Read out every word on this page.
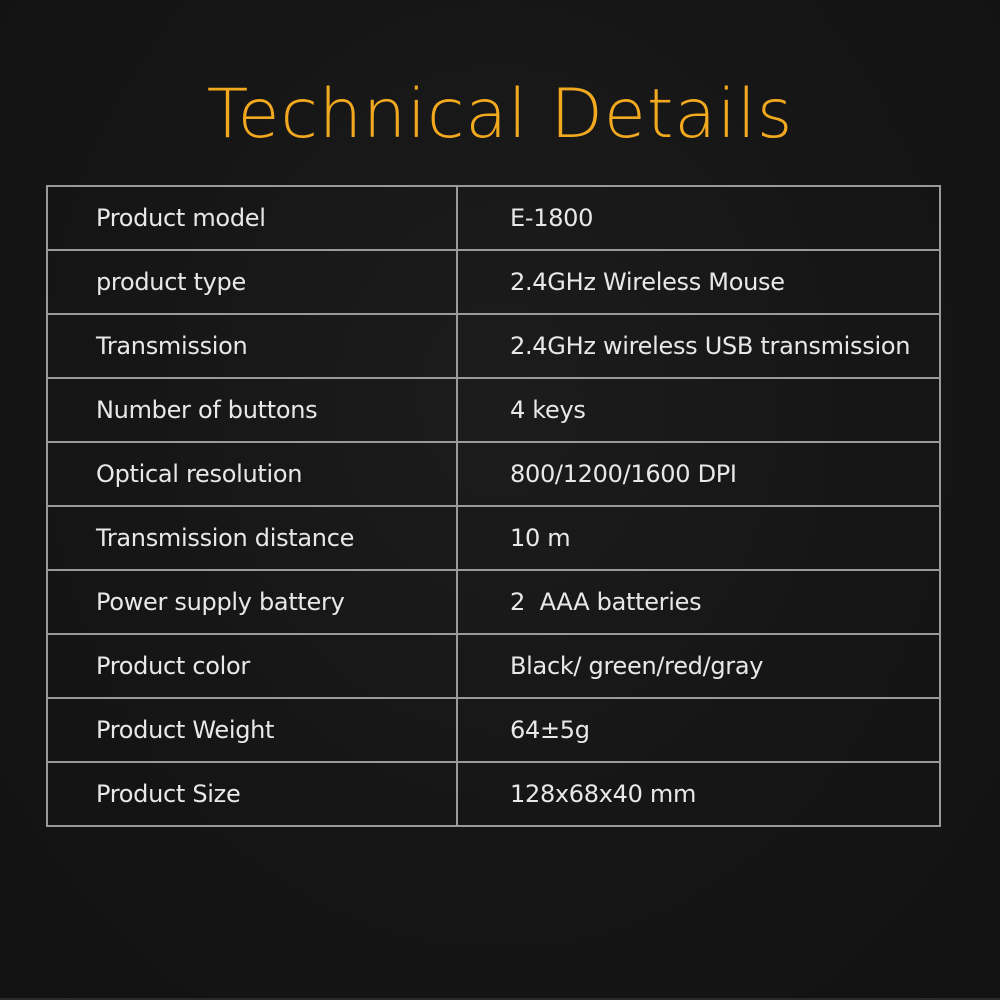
Technical Details
Product model	E-1800
product type	2.4GHz Wireless Mouse
Transmission	2.4GHz wireless USB transmission
Number of buttons	4 keys
Optical resolution	800/1200/1600 DPI
Transmission distance	10 m
Power supply battery	2  AAA batteries
Product color	Black/ green/red/gray
Product Weight	64±5g
Product Size	128x68x40 mm
